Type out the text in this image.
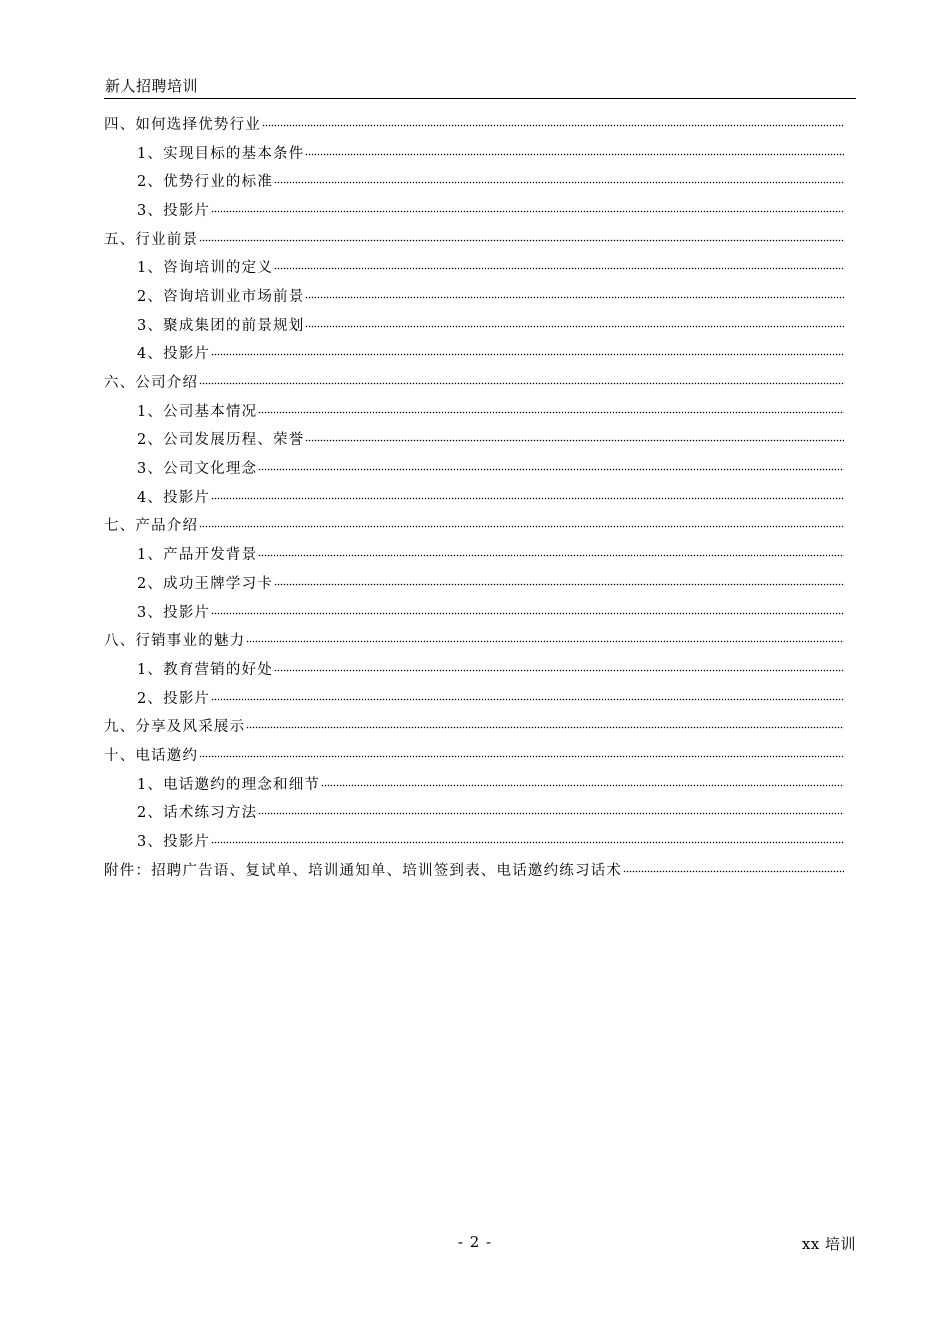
新人招聘培训
四、如何选择优势行业
1、实现目标的基本条件
2、优势行业的标准
3、投影片
五、行业前景
1、咨询培训的定义
2、咨询培训业市场前景
3、聚成集团的前景规划
4、投影片
六、公司介绍
1、公司基本情况
2、公司发展历程、荣誉
3、公司文化理念
4、投影片
七、产品介绍
1、产品开发背景
2、成功王牌学习卡
3、投影片
八、行销事业的魅力
1、教育营销的好处
2、投影片
九、分享及风采展示
十、电话邀约
1、电话邀约的理念和细节
2、话术练习方法
3、投影片
附件：招聘广告语、复试单、培训通知单、培训签到表、电话邀约练习话术
- 2 -	xx 培训
